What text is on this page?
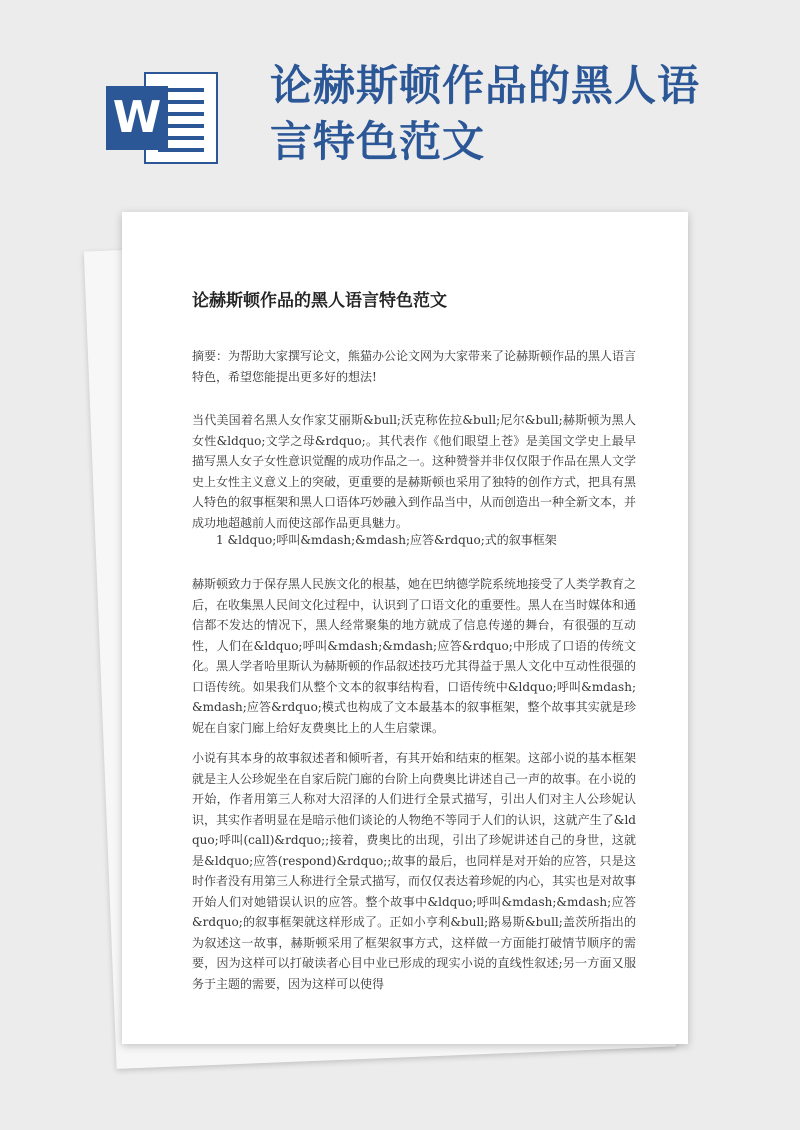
W
论赫斯顿作品的黑人语言特色范文
论赫斯顿作品的黑人语言特色范文

摘要：为帮助大家撰写论文，熊猫办公论文网为大家带来了论赫斯顿作品的黑人语言特色，希望您能提出更多好的想法!

当代美国着名黑人女作家艾丽斯&bull;沃克称佐拉&bull;尼尔&bull;赫斯顿为黑人女性&ldquo;文学之母&rdquo;。其代表作《他们眼望上苍》是美国文学史上最早描写黑人女子女性意识觉醒的成功作品之一。这种赞誉并非仅仅限于作品在黑人文学史上女性主义意义上的突破，更重要的是赫斯顿也采用了独特的创作方式，把具有黑人特色的叙事框架和黑人口语体巧妙融入到作品当中，从而创造出一种全新文本，并成功地超越前人而使这部作品更具魅力。

1 &ldquo;呼叫&mdash;&mdash;应答&rdquo;式的叙事框架

赫斯顿致力于保存黑人民族文化的根基，她在巴纳德学院系统地接受了人类学教育之后，在收集黑人民间文化过程中，认识到了口语文化的重要性。黑人在当时媒体和通信都不发达的情况下，黑人经常聚集的地方就成了信息传递的舞台，有很强的互动性，人们在&ldquo;呼叫&mdash;&mdash;应答&rdquo;中形成了口语的传统文化。黑人学者哈里斯认为赫斯顿的作品叙述技巧尤其得益于黑人文化中互动性很强的口语传统。如果我们从整个文本的叙事结构看，口语传统中&ldquo;呼叫&mdash;&mdash;应答&rdquo;模式也构成了文本最基本的叙事框架，整个故事其实就是珍妮在自家门廊上给好友费奥比上的人生启蒙课。

小说有其本身的故事叙述者和倾听者，有其开始和结束的框架。这部小说的基本框架就是主人公珍妮坐在自家后院门廊的台阶上向费奥比讲述自己一声的故事。在小说的开始，作者用第三人称对大沼泽的人们进行全景式描写，引出人们对主人公珍妮认识，其实作者明显在是暗示他们谈论的人物绝不等同于人们的认识，这就产生了&ldquo;呼叫(call)&rdquo;;接着，费奥比的出现，引出了珍妮讲述自己的身世，这就是&ldquo;应答(respond)&rdquo;;故事的最后，也同样是对开始的应答，只是这时作者没有用第三人称进行全景式描写，而仅仅表达着珍妮的内心，其实也是对故事开始人们对她错误认识的应答。整个故事中&ldquo;呼叫&mdash;&mdash;应答&rdquo;的叙事框架就这样形成了。正如小亨利&bull;路易斯&bull;盖茨所指出的为叙述这一故事，赫斯顿采用了框架叙事方式，这样做一方面能打破情节顺序的需要，因为这样可以打破读者心目中业已形成的现实小说的直线性叙述;另一方面又服务于主题的需要，因为这样可以使得
